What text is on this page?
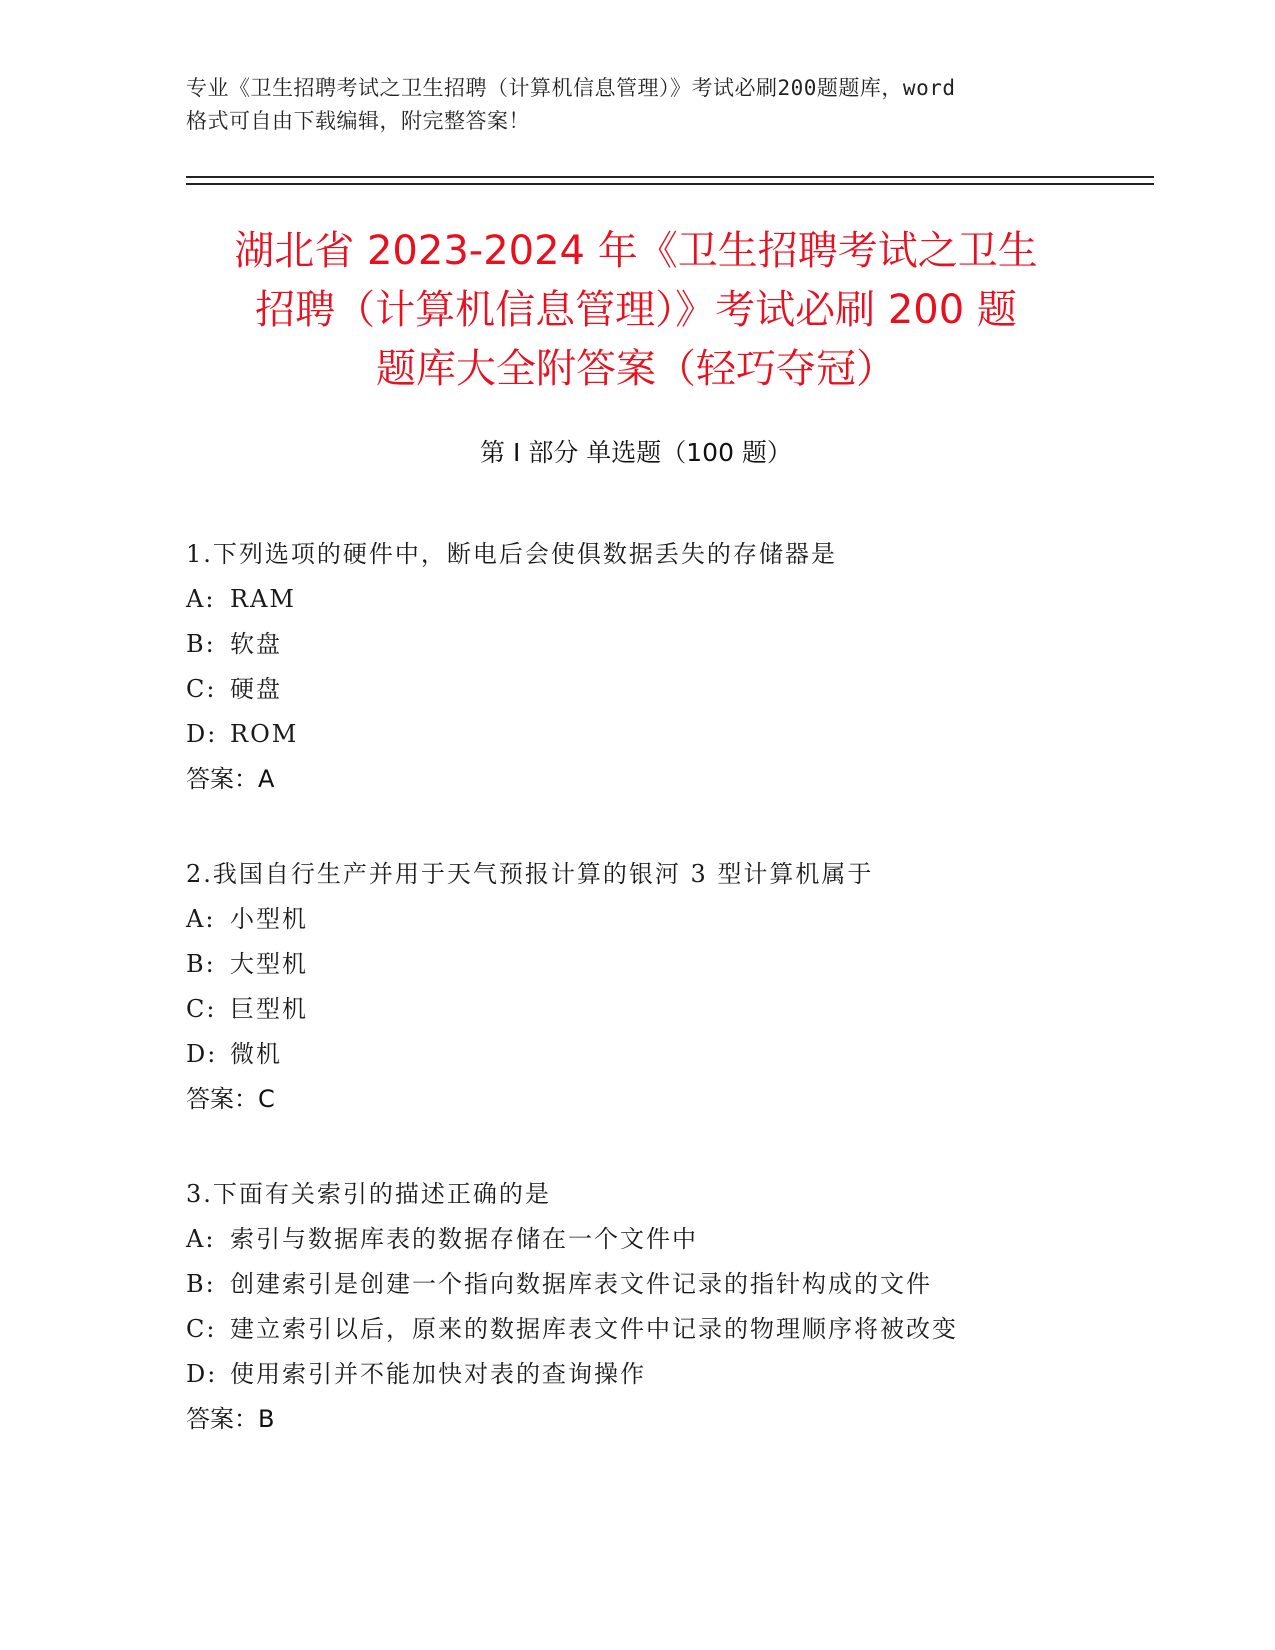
专业《卫生招聘考试之卫生招聘（计算机信息管理）》考试必刷200题题库，word
格式可自由下载编辑，附完整答案！
湖北省 2023-2024 年《卫生招聘考试之卫生
招聘（计算机信息管理）》考试必刷 200 题
题库大全附答案（轻巧夺冠）
第 I 部分 单选题（100 题）
1.下列选项的硬件中，断电后会使俱数据丢失的存储器是
A: RAM
B: 软盘
C: 硬盘
D: ROM
答案：A
2.我国自行生产并用于天气预报计算的银河 3 型计算机属于
A: 小型机
B: 大型机
C: 巨型机
D: 微机
答案：C
3.下面有关索引的描述正确的是
A: 索引与数据库表的数据存储在一个文件中
B: 创建索引是创建一个指向数据库表文件记录的指针构成的文件
C: 建立索引以后，原来的数据库表文件中记录的物理顺序将被改变
D: 使用索引并不能加快对表的查询操作
答案：B
